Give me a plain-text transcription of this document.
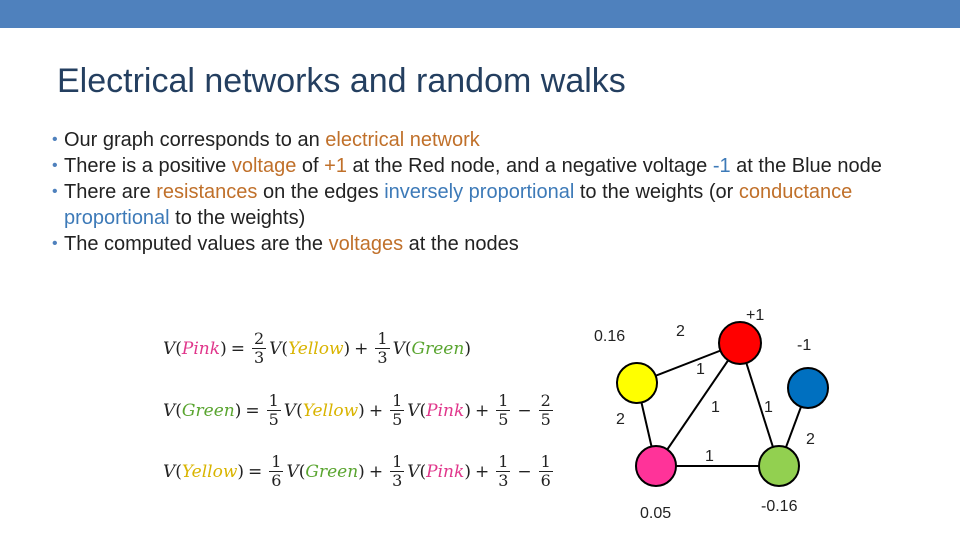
Electrical networks and random walks
• Our graph corresponds to an electrical network
• There is a positive voltage of +1 at the Red node, and a negative voltage -1 at the Blue node
• There are resistances on the edges inversely proportional to the weights (or conductance proportional to the weights)
• The computed values are the voltages at the nodes
V ( Pink ) = $\frac{2}{3}$ V ( Yellow ) + $\frac{1}{3}$ V ( Green )
V ( Green ) = $\frac{1}{5}$ V ( Yellow ) + $\frac{1}{5}$ V ( Pink ) + $\frac{1}{5} - \frac{2}{5}$
V ( Yellow ) = $\frac{1}{6}$ V ( Green ) + $\frac{1}{3}$ V ( Pink ) + $\frac{1}{3} - \frac{1}{6}$
+1
-1
0.16
0.05	-0.16
2
1
1	1
2
1
2
